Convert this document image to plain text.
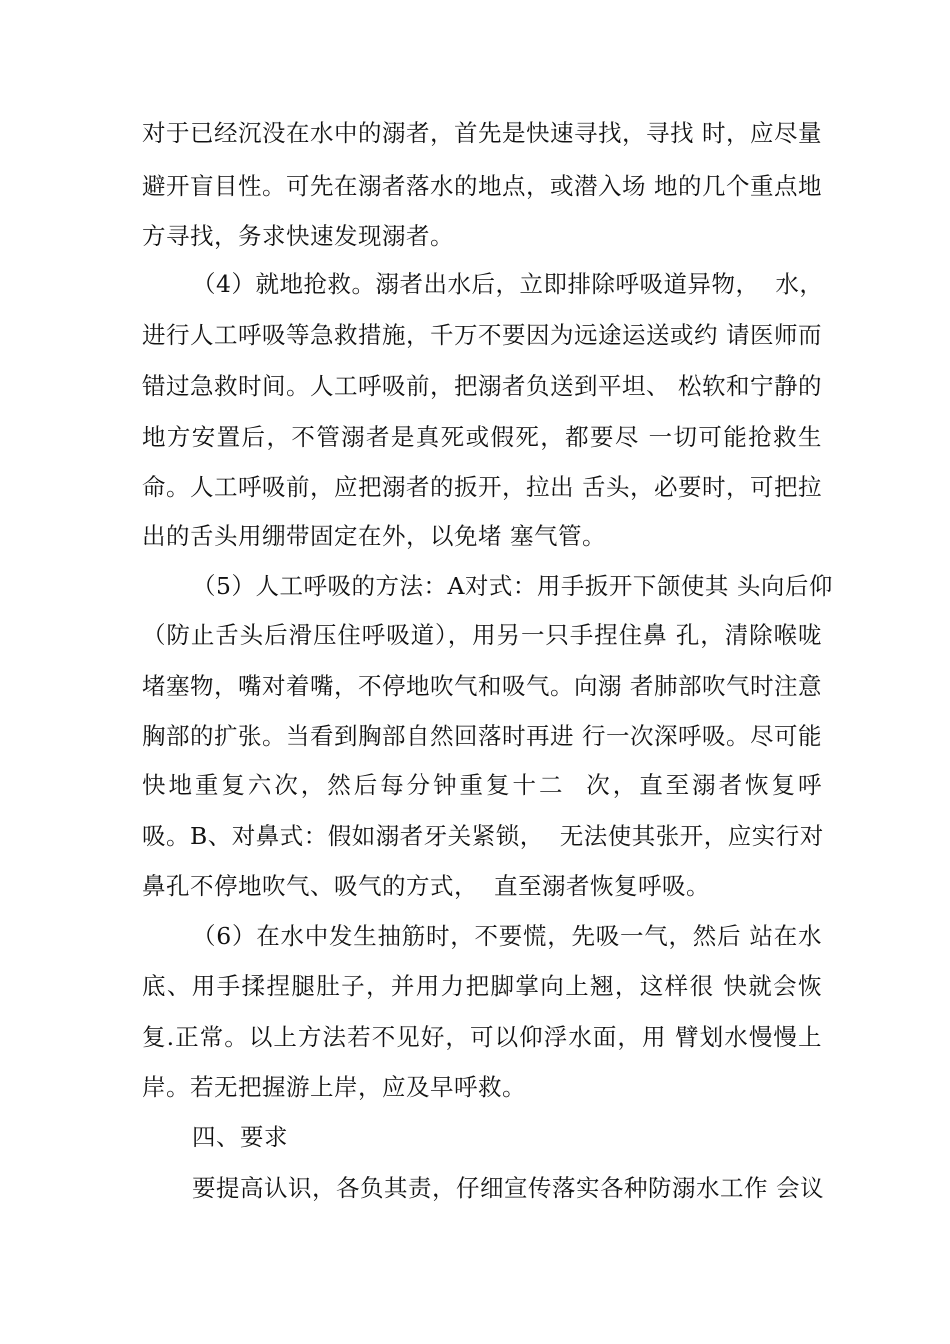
对于已经沉没在水中的溺者，首先是快速寻找，寻找 时，应尽量
避开盲目性。可先在溺者落水的地点，或潜入场 地的几个重点地
方寻找，务求快速发现溺者。
（4）就地抢救。溺者出水后，立即排除呼吸道异物，  水，
进行人工呼吸等急救措施，千万不要因为远途运送或约 请医师而
错过急救时间。人工呼吸前，把溺者负送到平坦、 松软和宁静的
地方安置后，不管溺者是真死或假死，都要尽 一切可能抢救生
命。人工呼吸前，应把溺者的扳开，拉出 舌头，必要时，可把拉
出的舌头用绷带固定在外，以免堵 塞气管。
（5）人工呼吸的方法：A对式：用手扳开下颌使其 头向后仰
（防止舌头后滑压住呼吸道），用另一只手捏住鼻 孔，清除喉咙
堵塞物，嘴对着嘴，不停地吹气和吸气。向溺 者肺部吹气时注意
胸部的扩张。当看到胸部自然回落时再进 行一次深呼吸。尽可能
快地重复六次，然后每分钟重复十二  次，直至溺者恢复呼
吸。B、对鼻式：假如溺者牙关紧锁，  无法使其张开，应实行对
鼻孔不停地吹气、吸气的方式，  直至溺者恢复呼吸。
（6）在水中发生抽筋时，不要慌，先吸一气，然后 站在水
底、用手揉捏腿肚子，并用力把脚掌向上翘，这样很 快就会恢
复.正常。以上方法若不见好，可以仰浮水面，用 臂划水慢慢上
岸。若无把握游上岸，应及早呼救。
四、要求
要提高认识，各负其责，仔细宣传落实各种防溺水工作 会议
